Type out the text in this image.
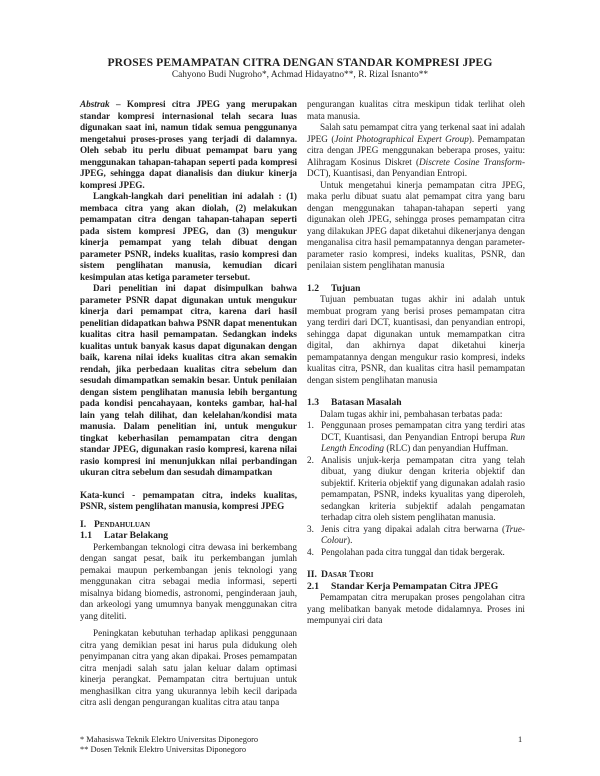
PROSES PEMAMPATAN CITRA DENGAN STANDAR KOMPRESI JPEG
Cahyono Budi Nugroho*, Achmad Hidayatno**, R. Rizal Isnanto**

Abstrak – Kompresi citra JPEG yang merupakan standar kompresi internasional telah secara luas digunakan saat ini, namun tidak semua penggunanya mengetahui proses-proses yang terjadi di dalamnya. Oleh sebab itu perlu dibuat pemampat baru yang menggunakan tahapan-tahapan seperti pada kompresi JPEG, sehingga dapat dianalisis dan diukur kinerja kompresi JPEG.

Langkah-langkah dari penelitian ini adalah : (1) membaca citra yang akan diolah, (2) melakukan pemampatan citra dengan tahapan-tahapan seperti pada sistem kompresi JPEG, dan (3) mengukur kinerja pemampat yang telah dibuat dengan parameter PSNR, indeks kualitas, rasio kompresi dan sistem penglihatan manusia, kemudian dicari kesimpulan atas ketiga parameter tersebut.

Dari penelitian ini dapat disimpulkan bahwa parameter PSNR dapat digunakan untuk mengukur kinerja dari pemampat citra, karena dari hasil penelitian didapatkan bahwa PSNR dapat menentukan kualitas citra hasil pemampatan. Sedangkan indeks kualitas untuk banyak kasus dapat digunakan dengan baik, karena nilai ideks kualitas citra akan semakin rendah, jika perbedaan kualitas citra sebelum dan sesudah dimampatkan semakin besar. Untuk penilaian dengan sistem penglihatan manusia lebih bergantung pada kondisi pencahayaan, konteks gambar, hal-hal lain yang telah dilihat, dan kelelahan/kondisi mata manusia. Dalam penelitian ini, untuk mengukur tingkat keberhasilan pemampatan citra dengan standar JPEG, digunakan rasio kompresi, karena nilai rasio kompresi ini menunjukkan nilai perbandingan ukuran citra sebelum dan sesudah dimampatkan

Kata-kunci - pemampatan citra, indeks kualitas, PSNR, sistem penglihatan manusia, kompresi JPEG

I. Pendahuluan
1.1	Latar Belakang

Perkembangan teknologi citra dewasa ini berkembang dengan sangat pesat, baik itu perkembangan jumlah pemakai maupun perkembangan jenis teknologi yang menggunakan citra sebagai media informasi, seperti misalnya bidang biomedis, astronomi, penginderaan jauh, dan arkeologi yang umumnya banyak menggunakan citra yang diteliti.

Peningkatan kebutuhan terhadap aplikasi penggunaan citra yang demikian pesat ini harus pula didukung oleh penyimpanan citra yang akan dipakai. Proses pemampatan citra menjadi salah satu jalan keluar dalam optimasi kinerja perangkat. Pemampatan citra bertujuan untuk menghasilkan citra yang ukurannya lebih kecil daripada citra asli dengan pengurangan kualitas citra atau tanpa

pengurangan kualitas citra meskipun tidak terlihat oleh mata manusia.

Salah satu pemampat citra yang terkenal saat ini adalah JPEG (Joint Photographical Expert Group). Pemampatan citra dengan JPEG menggunakan beberapa proses, yaitu: Alihragam Kosinus Diskret (Discrete Cosine Transform-DCT), Kuantisasi, dan Penyandian Entropi.

Untuk mengetahui kinerja pemampatan citra JPEG, maka perlu dibuat suatu alat pemampat citra yang baru dengan menggunakan tahapan-tahapan seperti yang digunakan oleh JPEG, sehingga proses pemampatan citra yang dilakukan JPEG dapat diketahui dikenerjanya dengan menganalisa citra hasil pemampatannya dengan parameter-parameter rasio kompresi, indeks kualitas, PSNR, dan penilaian sistem penglihatan manusia

1.2	Tujuan

Tujuan pembuatan tugas akhir ini adalah untuk membuat program yang berisi proses pemampatan citra yang terdiri dari DCT, kuantisasi, dan penyandian entropi, sehingga dapat digunakan untuk memampatkan citra digital, dan akhirnya dapat diketahui kinerja pemampatannya dengan mengukur rasio kompresi, indeks kualitas citra, PSNR, dan kualitas citra hasil pemampatan dengan sistem penglihatan manusia

1.3	Batasan Masalah

Dalam tugas akhir ini, pembahasan terbatas pada:

1. Penggunaan proses pemampatan citra yang terdiri atas DCT, Kuantisasi, dan Penyandian Entropi berupa Run Length Encoding (RLC) dan penyandian Huffman.
2. Analisis unjuk-kerja pemampatan citra yang telah dibuat, yang diukur dengan kriteria objektif dan subjektif. Kriteria objektif yang digunakan adalah rasio pemampatan, PSNR, indeks kyualitas yang diperoleh, sedangkan kriteria subjektif adalah pengamatan terhadap citra oleh sistem penglihatan manusia.
3. Jenis citra yang dipakai adalah citra berwarna (True-Colour).
4. Pengolahan pada citra tunggal dan tidak bergerak.
II. Dasar Teori
2.1	Standar Kerja Pemampatan Citra JPEG

Pemampatan citra merupakan proses pengolahan citra yang melibatkan banyak metode didalamnya. Proses ini mempunyai ciri data

* Mahasiswa Teknik Elektro Universitas Diponegoro
** Dosen Teknik Elektro Universitas Diponegoro
1
